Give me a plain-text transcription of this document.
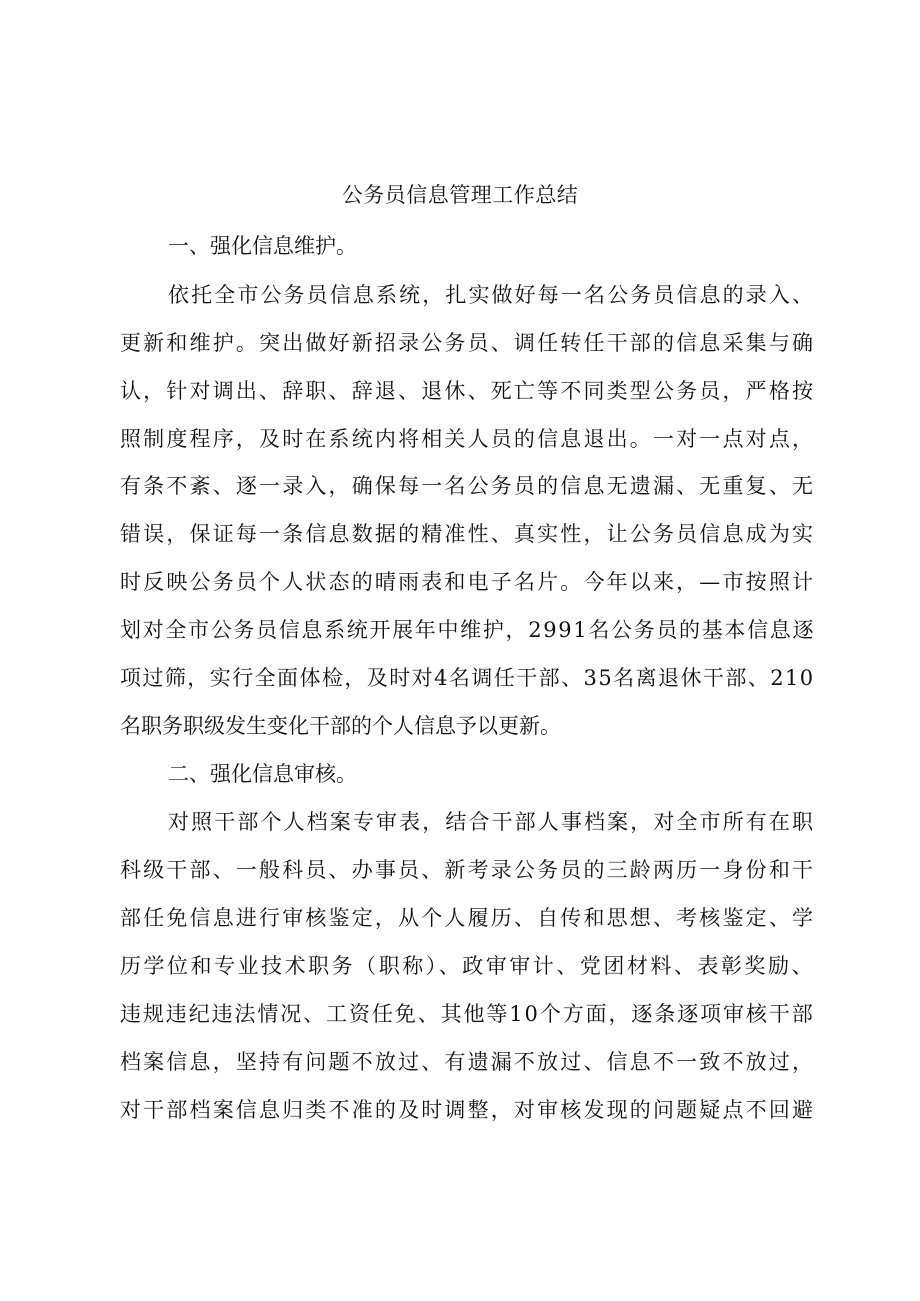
公务员信息管理工作总结
一、强化信息维护。
依托全市公务员信息系统，扎实做好每一名公务员信息的录入、
更新和维护。突出做好新招录公务员、调任转任干部的信息采集与确
认，针对调出、辞职、辞退、退休、死亡等不同类型公务员，严格按
照制度程序，及时在系统内将相关人员的信息退出。一对一点对点，
有条不紊、逐一录入，确保每一名公务员的信息无遗漏、无重复、无
错误，保证每一条信息数据的精准性、真实性，让公务员信息成为实
时反映公务员个人状态的晴雨表和电子名片。今年以来，—市按照计
划对全市公务员信息系统开展年中维护，2991名公务员的基本信息逐
项过筛，实行全面体检，及时对4名调任干部、35名离退休干部、210
名职务职级发生变化干部的个人信息予以更新。
二、强化信息审核。
对照干部个人档案专审表，结合干部人事档案，对全市所有在职
科级干部、一般科员、办事员、新考录公务员的三龄两历一身份和干
部任免信息进行审核鉴定，从个人履历、自传和思想、考核鉴定、学
历学位和专业技术职务（职称）、政审审计、党团材料、表彰奖励、
违规违纪违法情况、工资任免、其他等10个方面，逐条逐项审核干部
档案信息，坚持有问题不放过、有遗漏不放过、信息不一致不放过，
对干部档案信息归类不准的及时调整，对审核发现的问题疑点不回避
